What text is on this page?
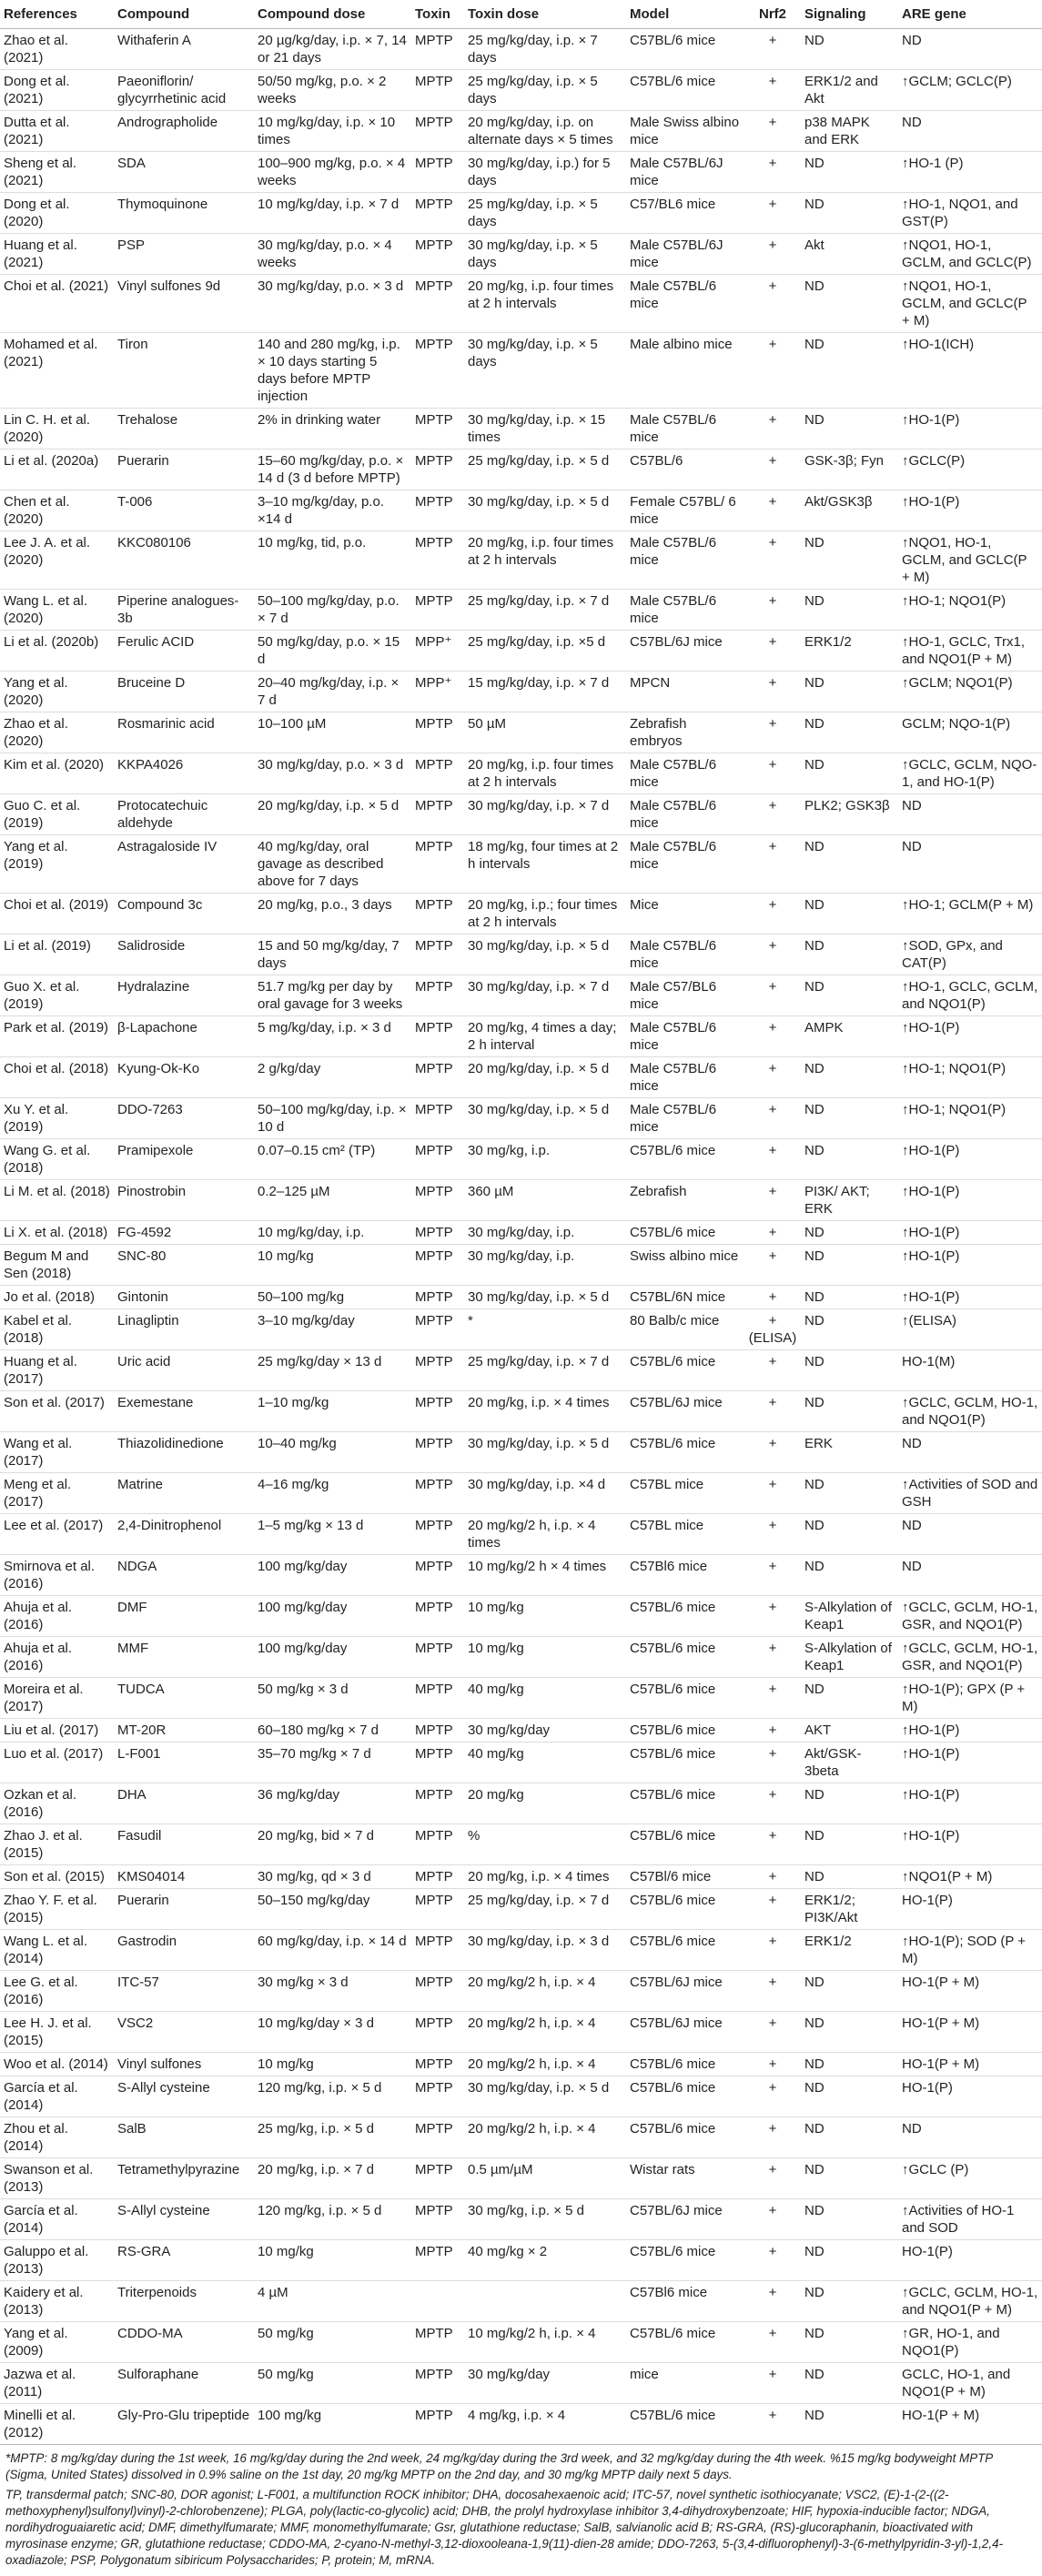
References	Compound	Compound dose	Toxin	Toxin dose	Model	Nrf2	Signaling	ARE gene
Zhao et al. (2021)	Withaferin A	20 µg/kg/day, i.p. × 7, 14 or 21 days	MPTP	25 mg/kg/day, i.p. × 7 days	C57BL/6 mice	+	ND	ND
Dong et al. (2021)	Paeoniflorin/ glycyrrhetinic acid	50/50 mg/kg, p.o. × 2 weeks	MPTP	25 mg/kg/day, i.p. × 5 days	C57BL/6 mice	+	ERK1/2 and Akt	↑GCLM; GCLC(P)
Dutta et al. (2021)	Andrographolide	10 mg/kg/day, i.p. × 10 times	MPTP	20 mg/kg/day, i.p. on alternate days × 5 times	Male Swiss albino mice	+	p38 MAPK and ERK	ND
Sheng et al. (2021)	SDA	100–900 mg/kg, p.o. × 4 weeks	MPTP	30 mg/kg/day, i.p.) for 5 days	Male C57BL/6J mice	+	ND	↑HO-1 (P)
Dong et al. (2020)	Thymoquinone	10 mg/kg/day, i.p. × 7 d	MPTP	25 mg/kg/day, i.p. × 5 days	C57/BL6 mice	+	ND	↑HO-1, NQO1, and GST(P)
Huang et al. (2021)	PSP	30 mg/kg/day, p.o. × 4 weeks	MPTP	30 mg/kg/day, i.p. × 5 days	Male C57BL/6J mice	+	Akt	↑NQO1, HO-1, GCLM, and GCLC(P)
Choi et al. (2021)	Vinyl sulfones 9d	30 mg/kg/day, p.o. × 3 d	MPTP	20 mg/kg, i.p. four times at 2 h intervals	Male C57BL/6 mice	+	ND	↑NQO1, HO-1, GCLM, and GCLC(P + M)
Mohamed et al. (2021)	Tiron	140 and 280 mg/kg, i.p. × 10 days starting 5 days before MPTP injection	MPTP	30 mg/kg/day, i.p. × 5 days	Male albino mice	+	ND	↑HO-1(ICH)
Lin C. H. et al. (2020)	Trehalose	2% in drinking water	MPTP	30 mg/kg/day, i.p. × 15 times	Male C57BL/6 mice	+	ND	↑HO-1(P)
Li et al. (2020a)	Puerarin	15–60 mg/kg/day, p.o. × 14 d (3 d before MPTP)	MPTP	25 mg/kg/day, i.p. × 5 d	C57BL/6	+	GSK-3β; Fyn	↑GCLC(P)
Chen et al. (2020)	T-006	3–10 mg/kg/day, p.o. ×14 d	MPTP	30 mg/kg/day, i.p. × 5 d	Female C57BL/ 6 mice	+	Akt/GSK3β	↑HO-1(P)
Lee J. A. et al. (2020)	KKC080106	10 mg/kg, tid, p.o.	MPTP	20 mg/kg, i.p. four times at 2 h intervals	Male C57BL/6 mice	+	ND	↑NQO1, HO-1, GCLM, and GCLC(P + M)
Wang L. et al. (2020)	Piperine analogues-3b	50–100 mg/kg/day, p.o. × 7 d	MPTP	25 mg/kg/day, i.p. × 7 d	Male C57BL/6 mice	+	ND	↑HO-1; NQO1(P)
Li et al. (2020b)	Ferulic ACID	50 mg/kg/day, p.o. × 15 d	MPP⁺	25 mg/kg/day, i.p. ×5 d	C57BL/6J mice	+	ERK1/2	↑HO-1, GCLC, Trx1, and NQO1(P + M)
Yang et al. (2020)	Bruceine D	20–40 mg/kg/day, i.p. × 7 d	MPP⁺	15 mg/kg/day, i.p. × 7 d	MPCN	+	ND	↑GCLM; NQO1(P)
Zhao et al. (2020)	Rosmarinic acid	10–100 µM	MPTP	50 µM	Zebrafish embryos	+	ND	GCLM; NQO-1(P)
Kim et al. (2020)	KKPA4026	30 mg/kg/day, p.o. × 3 d	MPTP	20 mg/kg, i.p. four times at 2 h intervals	Male C57BL/6 mice	+	ND	↑GCLC, GCLM, NQO-1, and HO-1(P)
Guo C. et al. (2019)	Protocatechuic aldehyde	20 mg/kg/day, i.p. × 5 d	MPTP	30 mg/kg/day, i.p. × 7 d	Male C57BL/6 mice	+	PLK2; GSK3β	ND
Yang et al. (2019)	Astragaloside IV	40 mg/kg/day, oral gavage as described above for 7 days	MPTP	18 mg/kg, four times at 2 h intervals	Male C57BL/6 mice	+	ND	ND
Choi et al. (2019)	Compound 3c	20 mg/kg, p.o., 3 days	MPTP	20 mg/kg, i.p.; four times at 2 h intervals	Mice	+	ND	↑HO-1; GCLM(P + M)
Li et al. (2019)	Salidroside	15 and 50 mg/kg/day, 7 days	MPTP	30 mg/kg/day, i.p. × 5 d	Male C57BL/6 mice	+	ND	↑SOD, GPx, and CAT(P)
Guo X. et al. (2019)	Hydralazine	51.7 mg/kg per day by oral gavage for 3 weeks	MPTP	30 mg/kg/day, i.p. × 7 d	Male C57/BL6 mice	+	ND	↑HO-1, GCLC, GCLM, and NQO1(P)
Park et al. (2019)	β-Lapachone	5 mg/kg/day, i.p. × 3 d	MPTP	20 mg/kg, 4 times a day; 2 h interval	Male C57BL/6 mice	+	AMPK	↑HO-1(P)
Choi et al. (2018)	Kyung-Ok-Ko	2 g/kg/day	MPTP	20 mg/kg/day, i.p. × 5 d	Male C57BL/6 mice	+	ND	↑HO-1; NQO1(P)
Xu Y. et al. (2019)	DDO-7263	50–100 mg/kg/day, i.p. × 10 d	MPTP	30 mg/kg/day, i.p. × 5 d	Male C57BL/6 mice	+	ND	↑HO-1; NQO1(P)
Wang G. et al. (2018)	Pramipexole	0.07–0.15 cm² (TP)	MPTP	30 mg/kg, i.p.	C57BL/6 mice	+	ND	↑HO-1(P)
Li M. et al. (2018)	Pinostrobin	0.2–125 µM	MPTP	360 µM	Zebrafish	+	PI3K/ AKT; ERK	↑HO-1(P)
Li X. et al. (2018)	FG-4592	10 mg/kg/day, i.p.	MPTP	30 mg/kg/day, i.p.	C57BL/6 mice	+	ND	↑HO-1(P)
Begum M and Sen (2018)	SNC-80	10 mg/kg	MPTP	30 mg/kg/day, i.p.	Swiss albino mice	+	ND	↑HO-1(P)
Jo et al. (2018)	Gintonin	50–100 mg/kg	MPTP	30 mg/kg/day, i.p. × 5 d	C57BL/6N mice	+	ND	↑HO-1(P)
Kabel et al. (2018)	Linagliptin	3–10 mg/kg/day	MPTP	*	80 Balb/c mice	+(ELISA)	ND	↑(ELISA)
Huang et al. (2017)	Uric acid	25 mg/kg/day × 13 d	MPTP	25 mg/kg/day, i.p. × 7 d	C57BL/6 mice	+	ND	HO-1(M)
Son et al. (2017)	Exemestane	1–10 mg/kg	MPTP	20 mg/kg, i.p. × 4 times	C57BL/6J mice	+	ND	↑GCLC, GCLM, HO-1, and NQO1(P)
Wang et al. (2017)	Thiazolidinedione	10–40 mg/kg	MPTP	30 mg/kg/day, i.p. × 5 d	C57BL/6 mice	+	ERK	ND
Meng et al. (2017)	Matrine	4–16 mg/kg	MPTP	30 mg/kg/day, i.p. ×4 d	C57BL mice	+	ND	↑Activities of SOD and GSH
Lee et al. (2017)	2,4-Dinitrophenol	1–5 mg/kg × 13 d	MPTP	20 mg/kg/2 h, i.p. × 4 times	C57BL mice	+	ND	ND
Smirnova et al. (2016)	NDGA	100 mg/kg/day	MPTP	10 mg/kg/2 h × 4 times	C57Bl6 mice	+	ND	ND
Ahuja et al. (2016)	DMF	100 mg/kg/day	MPTP	10 mg/kg	C57BL/6 mice	+	S-Alkylation of Keap1	↑GCLC, GCLM, HO-1, GSR, and NQO1(P)
Ahuja et al. (2016)	MMF	100 mg/kg/day	MPTP	10 mg/kg	C57BL/6 mice	+	S-Alkylation of Keap1	↑GCLC, GCLM, HO-1, GSR, and NQO1(P)
Moreira et al. (2017)	TUDCA	50 mg/kg × 3 d	MPTP	40 mg/kg	C57BL/6 mice	+	ND	↑HO-1(P); GPX (P + M)
Liu et al. (2017)	MT-20R	60–180 mg/kg × 7 d	MPTP	30 mg/kg/day	C57BL/6 mice	+	AKT	↑HO-1(P)
Luo et al. (2017)	L-F001	35–70 mg/kg × 7 d	MPTP	40 mg/kg	C57BL/6 mice	+	Akt/GSK-3beta	↑HO-1(P)
Ozkan et al. (2016)	DHA	36 mg/kg/day	MPTP	20 mg/kg	C57BL/6 mice	+	ND	↑HO-1(P)
Zhao J. et al. (2015)	Fasudil	20 mg/kg, bid × 7 d	MPTP	%	C57BL/6 mice	+	ND	↑HO-1(P)
Son et al. (2015)	KMS04014	30 mg/kg, qd × 3 d	MPTP	20 mg/kg, i.p. × 4 times	C57Bl/6 mice	+	ND	↑NQO1(P + M)
Zhao Y. F. et al. (2015)	Puerarin	50–150 mg/kg/day	MPTP	25 mg/kg/day, i.p. × 7 d	C57BL/6 mice	+	ERK1/2; PI3K/Akt	HO-1(P)
Wang L. et al. (2014)	Gastrodin	60 mg/kg/day, i.p. × 14 d	MPTP	30 mg/kg/day, i.p. × 3 d	C57BL/6 mice	+	ERK1/2	↑HO-1(P); SOD (P + M)
Lee G. et al. (2016)	ITC-57	30 mg/kg × 3 d	MPTP	20 mg/kg/2 h, i.p. × 4	C57BL/6J mice	+	ND	HO-1(P + M)
Lee H. J. et al. (2015)	VSC2	10 mg/kg/day × 3 d	MPTP	20 mg/kg/2 h, i.p. × 4	C57BL/6J mice	+	ND	HO-1(P + M)
Woo et al. (2014)	Vinyl sulfones	10 mg/kg	MPTP	20 mg/kg/2 h, i.p. × 4	C57BL/6 mice	+	ND	HO-1(P + M)
García et al. (2014)	S-Allyl cysteine	120 mg/kg, i.p. × 5 d	MPTP	30 mg/kg/day, i.p. × 5 d	C57BL/6 mice	+	ND	HO-1(P)
Zhou et al. (2014)	SalB	25 mg/kg, i.p. × 5 d	MPTP	20 mg/kg/2 h, i.p. × 4	C57BL/6 mice	+	ND	ND
Swanson et al. (2013)	Tetramethylpyrazine	20 mg/kg, i.p. × 7 d	MPTP	0.5 µm/µM	Wistar rats	+	ND	↑GCLC (P)
García et al. (2014)	S-Allyl cysteine	120 mg/kg, i.p. × 5 d	MPTP	30 mg/kg, i.p. × 5 d	C57BL/6J mice	+	ND	↑Activities of HO-1 and SOD
Galuppo et al. (2013)	RS-GRA	10 mg/kg	MPTP	40 mg/kg × 2	C57BL/6 mice	+	ND	HO-1(P)
Kaidery et al. (2013)	Triterpenoids	4 µM			C57Bl6 mice	+	ND	↑GCLC, GCLM, HO-1, and NQO1(P + M)
Yang et al. (2009)	CDDO-MA	50 mg/kg	MPTP	10 mg/kg/2 h, i.p. × 4	C57BL/6 mice	+	ND	↑GR, HO-1, and NQO1(P)
Jazwa et al. (2011)	Sulforaphane	50 mg/kg	MPTP	30 mg/kg/day	mice	+	ND	GCLC, HO-1, and NQO1(P + M)
Minelli et al. (2012)	Gly-Pro-Glu tripeptide	100 mg/kg	MPTP	4 mg/kg, i.p. × 4	C57BL/6 mice	+	ND	HO-1(P + M)

*MPTP: 8 mg/kg/day during the 1st week, 16 mg/kg/day during the 2nd week, 24 mg/kg/day during the 3rd week, and 32 mg/kg/day during the 4th week. %15 mg/kg bodyweight MPTP (Sigma, United States) dissolved in 0.9% saline on the 1st day, 20 mg/kg MPTP on the 2nd day, and 30 mg/kg MPTP daily next 5 days.

TP, transdermal patch; SNC-80, DOR agonist; L-F001, a multifunction ROCK inhibitor; DHA, docosahexaenoic acid; ITC-57, novel synthetic isothiocyanate; VSC2, (E)-1-(2-((2-methoxyphenyl)sulfonyl)vinyl)-2-chlorobenzene); PLGA, poly(lactic-co-glycolic) acid; DHB, the prolyl hydroxylase inhibitor 3,4-dihydroxybenzoate; HIF, hypoxia-inducible factor; NDGA, nordihydroguaiaretic acid; DMF, dimethylfumarate; MMF, monomethylfumarate; Gsr, glutathione reductase; SalB, salvianolic acid B; RS-GRA, (RS)-glucoraphanin, bioactivated with myrosinase enzyme; GR, glutathione reductase; CDDO-MA, 2-cyano-N-methyl-3,12-dioxooleana-1,9(11)-dien-28 amide; DDO-7263, 5-(3,4-difluorophenyl)-3-(6-methylpyridin-3-yl)-1,2,4-oxadiazole; PSP, Polygonatum sibiricum Polysaccharides; P, protein; M, mRNA.
